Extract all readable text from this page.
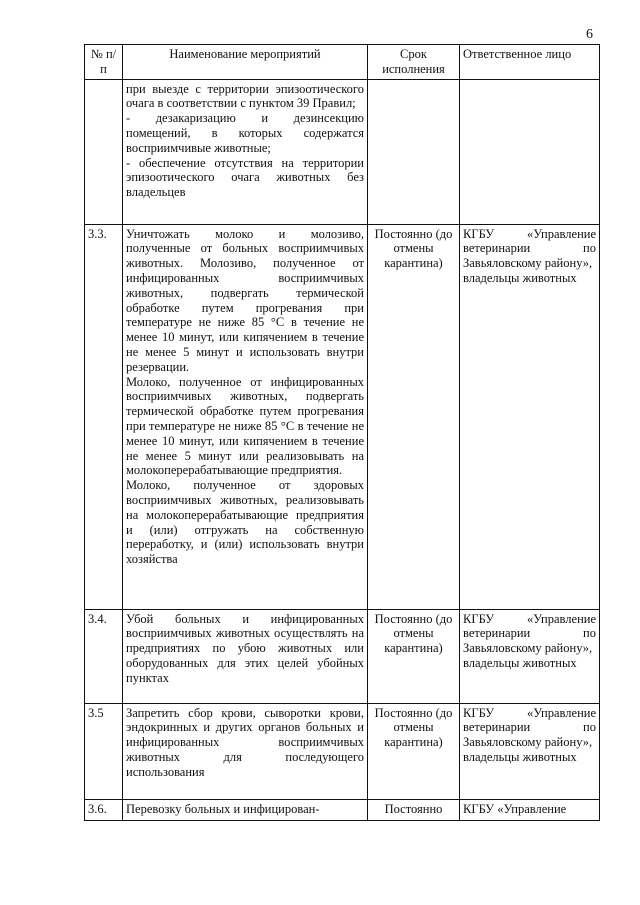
6
№ п/п	Наименование мероприятий	Срок исполнения	Ответственное лицо

	при выезде с территории эпизоотического очага в соответствии с пунктом 39 Правил;
- дезакаризацию и дезинсекцию помещений, в которых содержатся восприимчивые животные;
- обеспечение отсутствия на территории эпизоотического очага животных без владельцев		

3.3.	Уничтожать молоко и молозиво, полученные от больных восприимчивых животных. Молозиво, полученное от инфицированных восприимчивых животных, подвергать термической обработке путем прогревания при температуре не ниже 85 °С в течение не менее 10 минут, или кипячением в течение не менее 5 минут и использовать внутри резервации.
Молоко, полученное от инфицированных восприимчивых животных, подвергать термической обработке путем прогревания при температуре не ниже 85 °С в течение не менее 10 минут, или кипячением в течение не менее 5 минут или реализовывать на молокоперерабатывающие предприятия.
Молоко, полученное от здоровых восприимчивых животных, реализовывать на молокоперерабатывающие предприятия и (или) отгружать на собственную переработку, и (или) использовать внутри хозяйства	Постоянно (до отмены карантина)	КГБУ «Управление ветеринарии по Завьяловскому району»,
владельцы животных

3.4.	Убой больных и инфицированных восприимчивых животных осуществлять на предприятиях по убою животных или оборудованных для этих целей убойных пунктах	Постоянно (до отмены карантина)	КГБУ «Управление ветеринарии по Завьяловскому району»,
владельцы животных

3.5	Запретить сбор крови, сыворотки крови, эндокринных и других органов больных и инфицированных восприимчивых животных для последующего использования	Постоянно (до отмены карантина)	КГБУ «Управление ветеринарии по Завьяловскому району»,
владельцы животных

3.6.	Перевозку больных и инфицирован-	Постоянно	КГБУ «Управление
